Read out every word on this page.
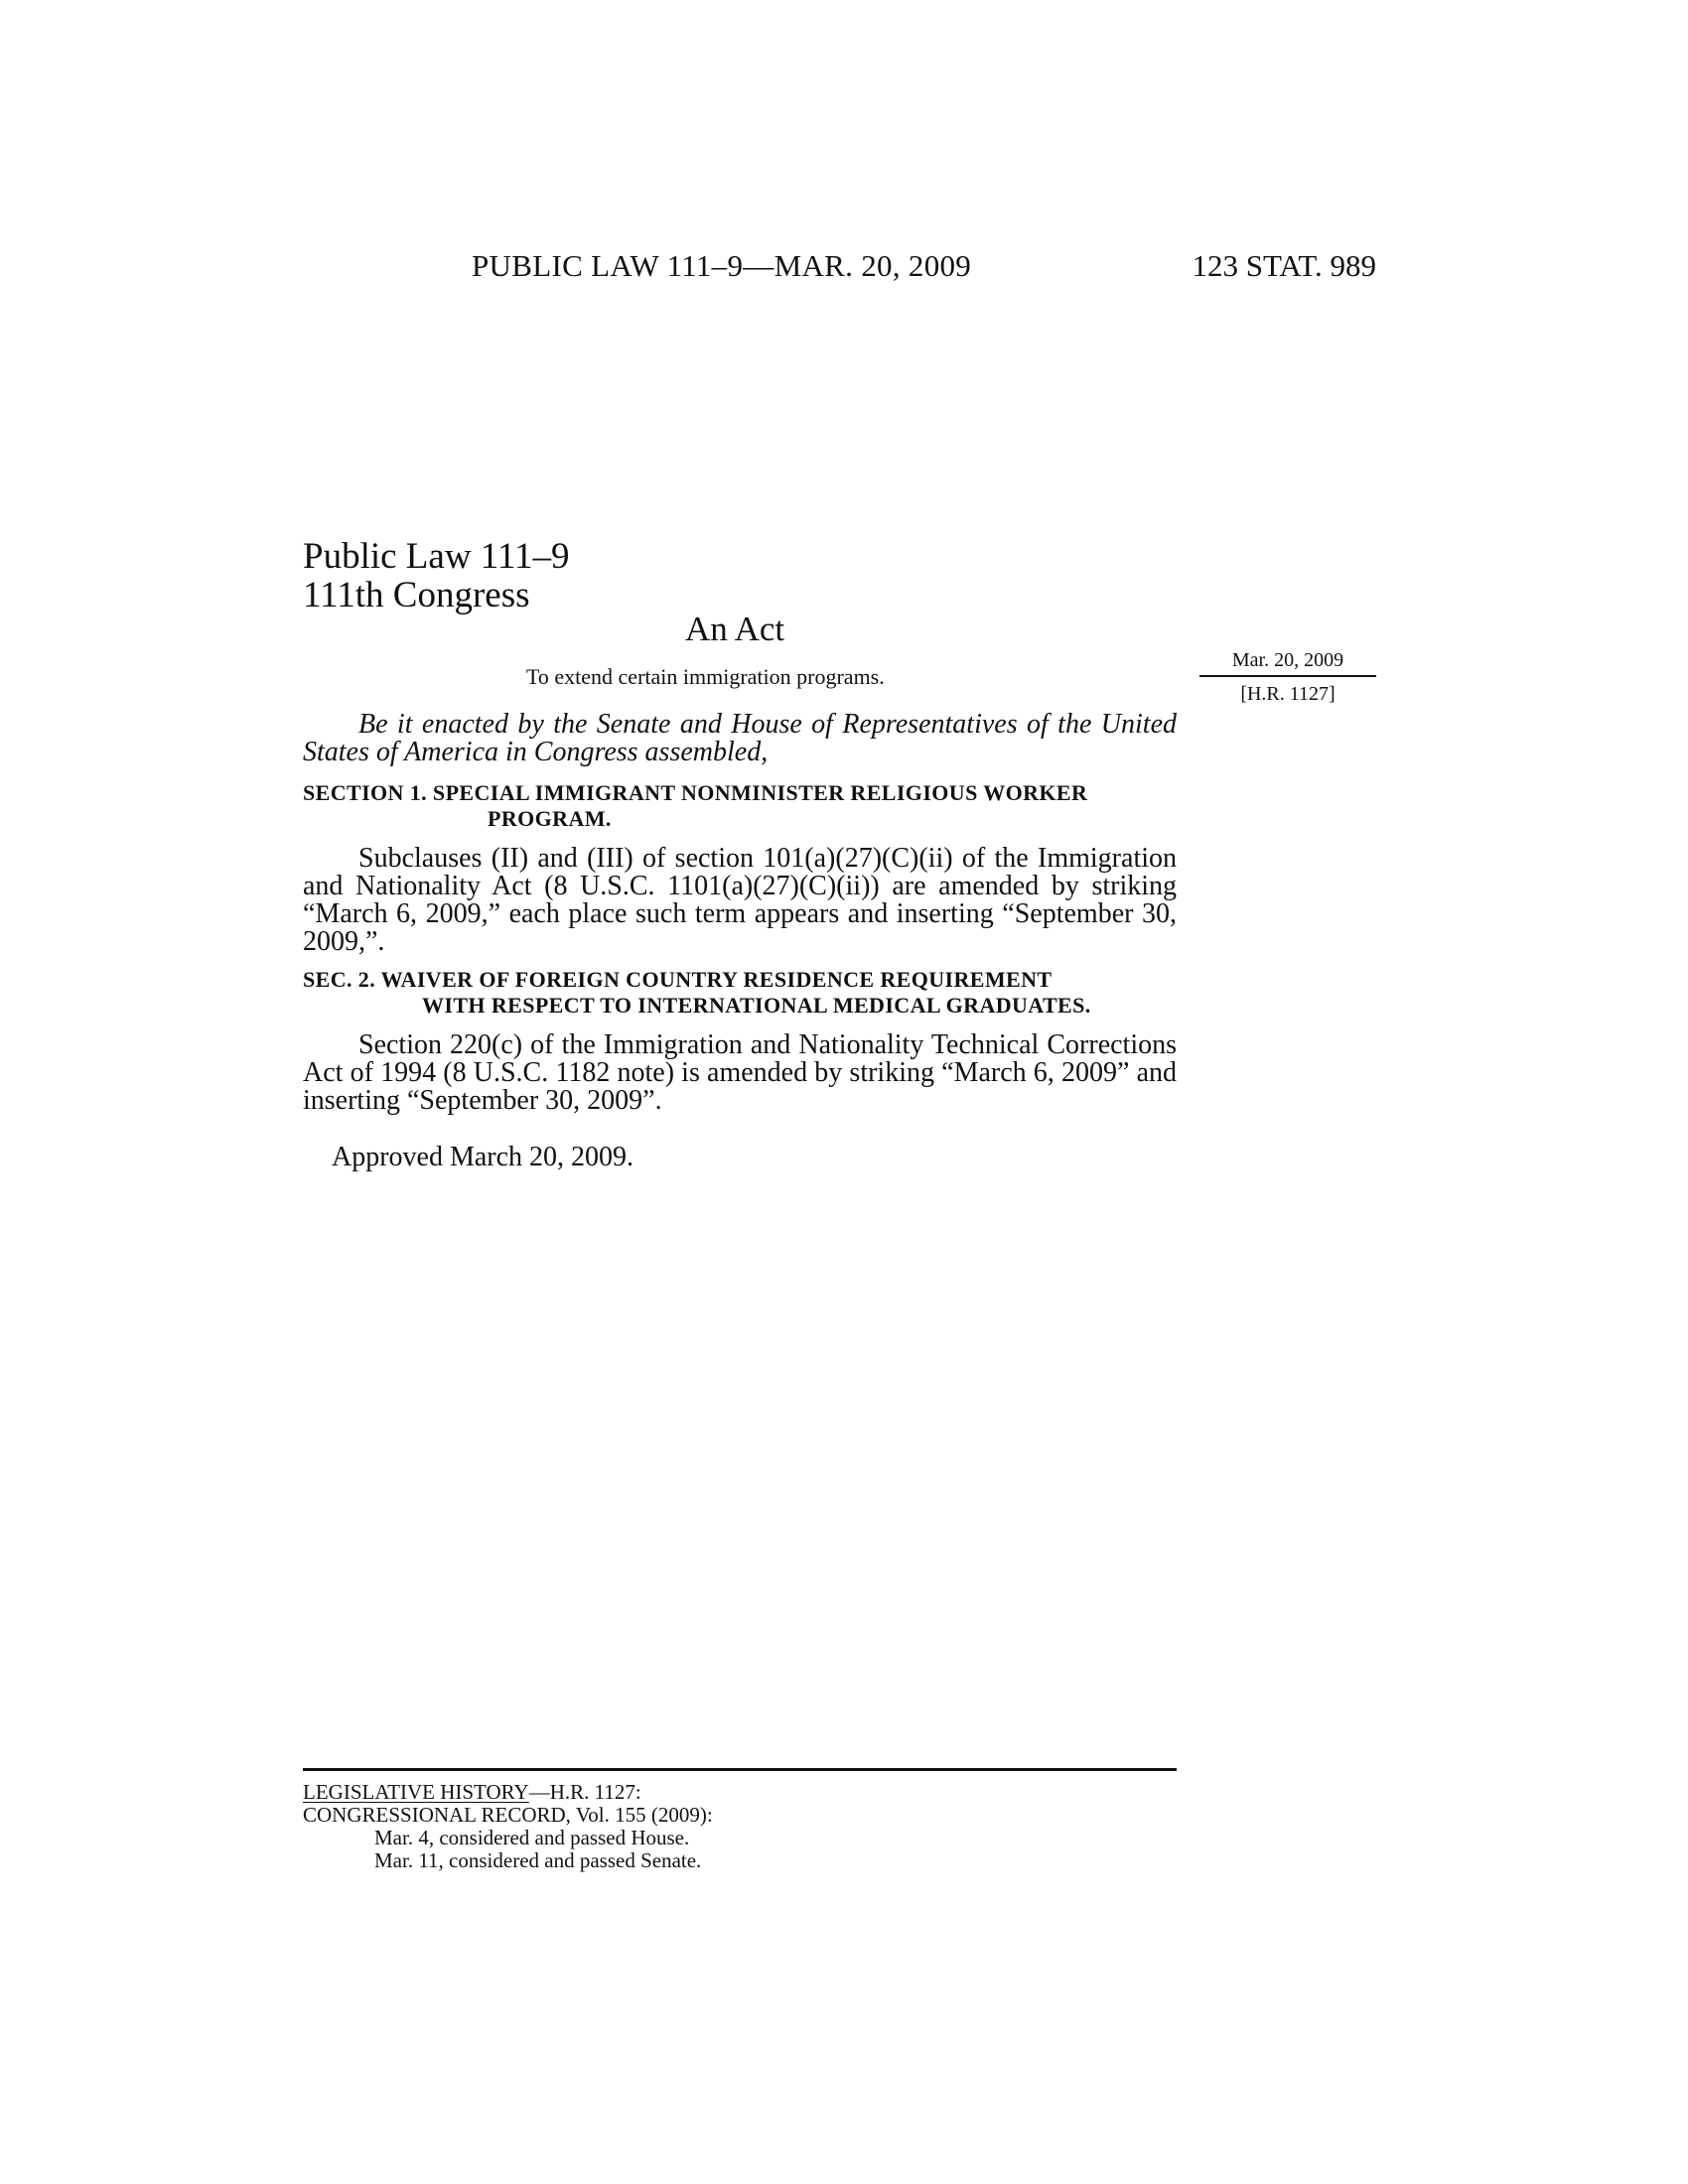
PUBLIC LAW 111–9—MAR. 20, 2009	123 STAT. 989
Public Law 111–9
111th Congress
An Act
To extend certain immigration programs.
Mar. 20, 2009
[H.R. 1127]
Be it enacted by the Senate and House of Representatives of the United States of America in Congress assembled,
SECTION 1. SPECIAL IMMIGRANT NONMINISTER RELIGIOUS WORKER
PROGRAM.
Subclauses (II) and (III) of section 101(a)(27)(C)(ii) of the Immigration and Nationality Act (8 U.S.C. 1101(a)(27)(C)(ii)) are amended by striking “March 6, 2009,” each place such term appears and inserting “September 30, 2009,”.
SEC. 2. WAIVER OF FOREIGN COUNTRY RESIDENCE REQUIREMENT
WITH RESPECT TO INTERNATIONAL MEDICAL GRADUATES.
Section 220(c) of the Immigration and Nationality Technical Corrections Act of 1994 (8 U.S.C. 1182 note) is amended by striking “March 6, 2009” and inserting “September 30, 2009”.
Approved March 20, 2009.
LEGISLATIVE HISTORY—H.R. 1127:
CONGRESSIONAL RECORD, Vol. 155 (2009):
Mar. 4, considered and passed House.
Mar. 11, considered and passed Senate.
